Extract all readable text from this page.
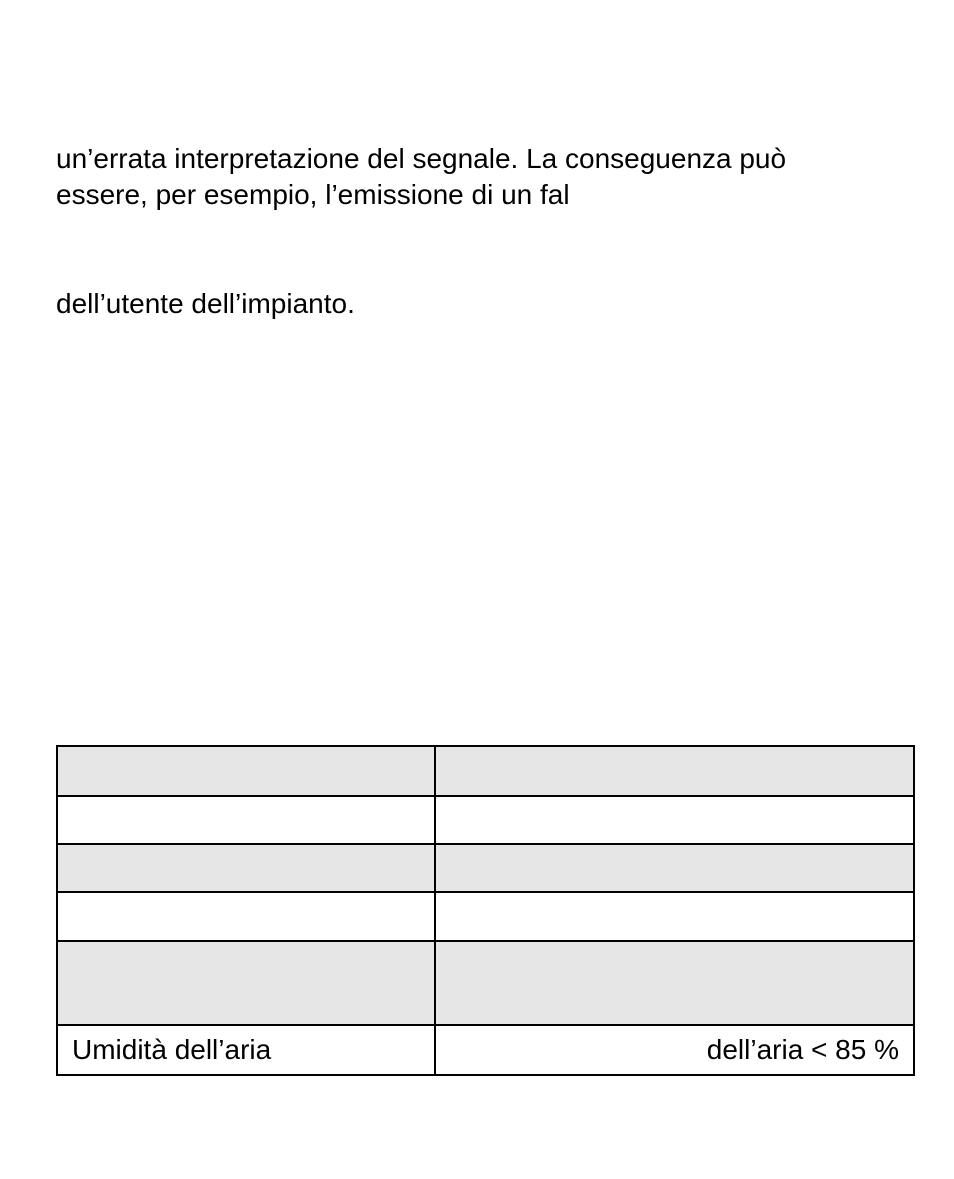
un’errata interpretazione del segnale. La conseguenza può
essere, per esempio, l’emissione di un fal

dell’utente dell’impianto.

Umidità dell’aria	dell’aria < 85 %
